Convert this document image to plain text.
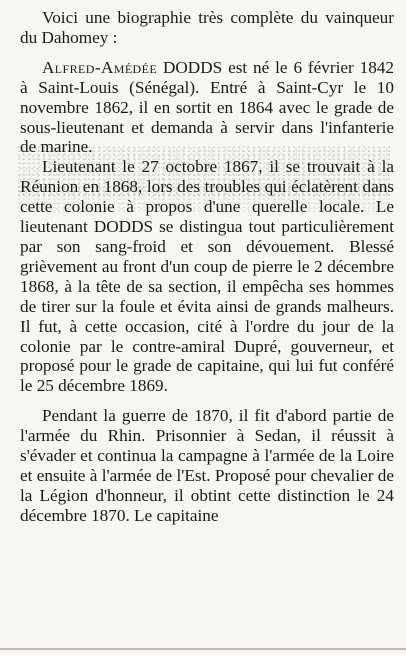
Voici une biographie très complète du vainqueur du Dahomey :

Alfred-Amédée DODDS est né le 6 février 1842 à Saint-Louis (Sénégal). Entré à Saint-Cyr le 10 novembre 1862, il en sortit en 1864 avec le grade de sous-lieutenant et demanda à servir dans l'infanterie de marine.

Lieutenant le 27 octobre 1867, il se trouvait à la Réunion en 1868, lors des troubles qui éclatèrent dans cette colonie à propos d'une querelle locale. Le lieutenant DODDS se distingua tout particulièrement par son sang-froid et son dévouement. Blessé grièvement au front d'un coup de pierre le 2 décembre 1868, à la tête de sa section, il empêcha ses hommes de tirer sur la foule et évita ainsi de grands malheurs. Il fut, à cette occasion, cité à l'ordre du jour de la colonie par le contre-amiral Dupré, gouverneur, et proposé pour le grade de capitaine, qui lui fut conféré le 25 décembre 1869.

Pendant la guerre de 1870, il fit d'abord partie de l'armée du Rhin. Prisonnier à Sedan, il réussit à s'évader et continua la campagne à l'armée de la Loire et ensuite à l'armée de l'Est. Proposé pour chevalier de la Légion d'honneur, il obtint cette distinction le 24 décembre 1870. Le capitaine
